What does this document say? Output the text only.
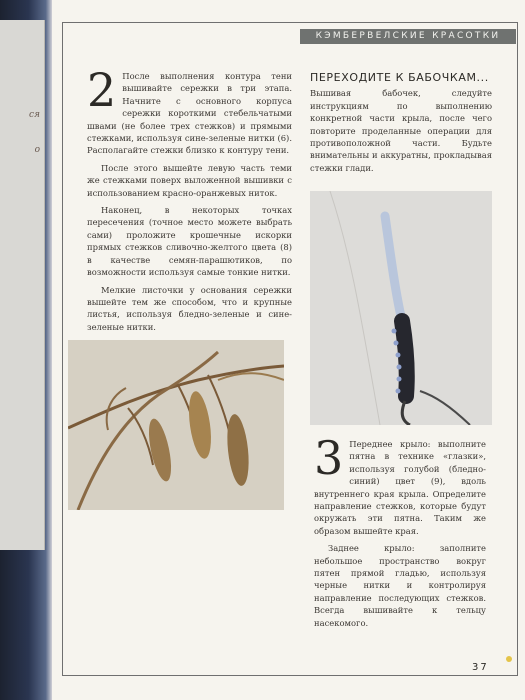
ся
о
КЭМБЕРВЕЛСКИЕ КРАСОТКИ

2 После выполнения контура тени вышивайте сережки в три этапа. Начните с основного корпуса сережки короткими стебельчатыми швами (не более трех стежков) и прямыми стежками, используя сине-зеленые нитки (6). Располагайте стежки близко к контуру тени.

После этого вышейте левую часть теми же стежками поверх выложенной вышивки с использованием красно-оранжевых ниток.

Наконец, в некоторых точках пересечения (точное место можете выбрать сами) проложите крошечные искорки прямых стежков сливочно-желтого цвета (8) в качестве семян-парашютиков, по возможности используя самые тонкие нитки.

Мелкие листочки у основания сережки вышейте тем же способом, что и крупные листья, используя бледно-зеленые и сине-зеленые нитки.

ПЕРЕХОДИТЕ К БАБОЧКАМ...

Вышивая бабочек, следуйте инструкциям по выполнению конкретной части крыла, после чего повторите проделанные операции для противоположной части. Будьте внимательны и аккуратны, прокладывая стежки глади.

3 Переднее крыло: выполните пятна в технике «глазки», используя голубой (бледно-синий) цвет (9), вдоль внутреннего края крыла. Определите направление стежков, которые будут окружать эти пятна. Таким же образом вышейте края.

Заднее крыло: заполните небольшое пространство вокруг пятен прямой гладью, используя черные нитки и контролируя направление последующих стежков. Всегда вышивайте к тельцу насекомого.

37
